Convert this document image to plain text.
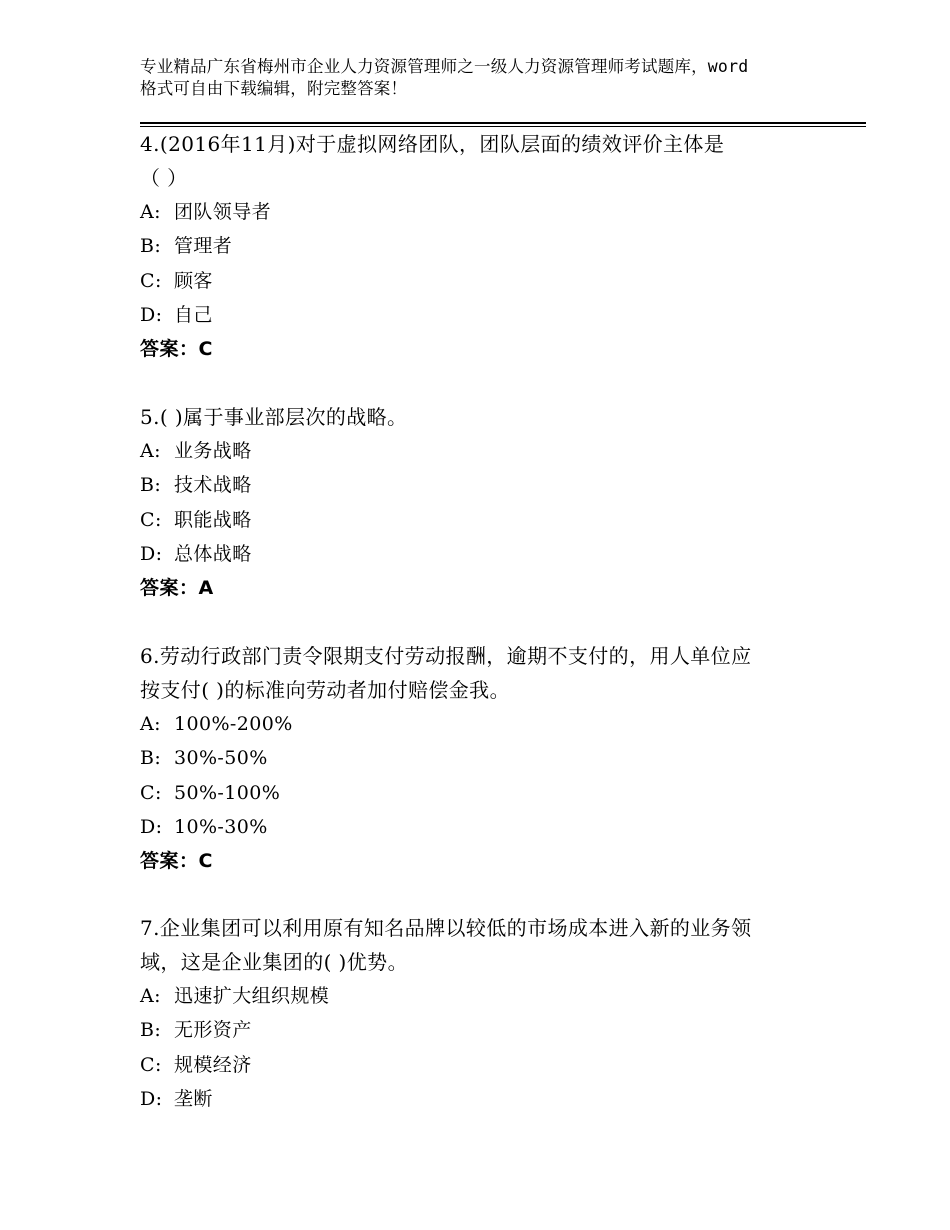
专业精品广东省梅州市企业人力资源管理师之一级人力资源管理师考试题库，word
格式可自由下载编辑，附完整答案！
4.(2016年11月)对于虚拟网络团队，团队层面的绩效评价主体是
（ ）
A: 团队领导者
B: 管理者
C: 顾客
D: 自己
答案：C
5.( )属于事业部层次的战略。
A: 业务战略
B: 技术战略
C: 职能战略
D: 总体战略
答案：A
6.劳动行政部门责令限期支付劳动报酬，逾期不支付的，用人单位应
按支付( )的标准向劳动者加付赔偿金我。
A: 100%-200%
B: 30%-50%
C: 50%-100%
D: 10%-30%
答案：C
7.企业集团可以利用原有知名品牌以较低的市场成本进入新的业务领
域，这是企业集团的( )优势。
A: 迅速扩大组织规模
B: 无形资产
C: 规模经济
D: 垄断
